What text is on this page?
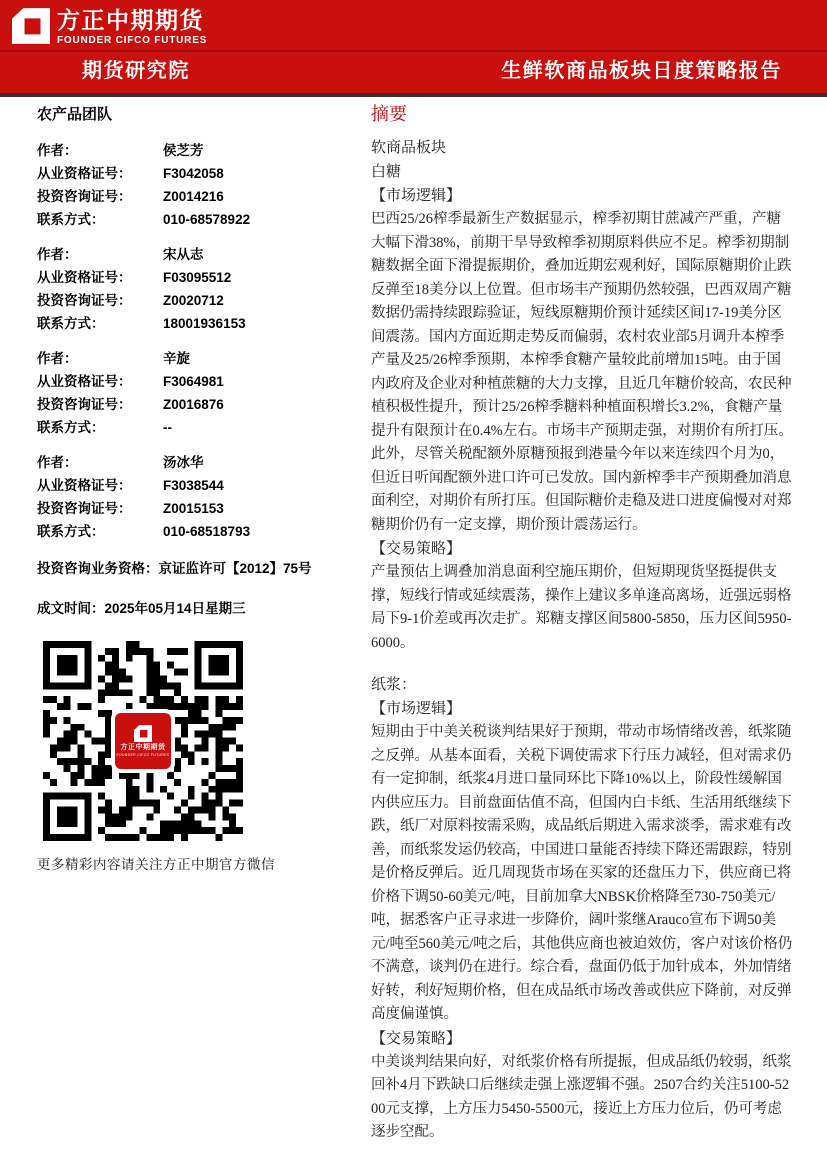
方正中期期货
FOUNDER CIFCO FUTURES
期货研究院	生鲜软商品板块日度策略报告
农产品团队
作者：	侯芝芳
从业资格证号： F3042058
投资咨询证号： Z0014216
联系方式：	010-68578922
作者：	宋从志
从业资格证号： F03095512
投资咨询证号： Z0020712
联系方式：	18001936153
作者：	辛旋
从业资格证号： F3064981
投资咨询证号： Z0016876
联系方式：	--
作者：	汤冰华
从业资格证号： F3038544
投资咨询证号： Z0015153
联系方式：	010-68518793
投资咨询业务资格：京证监许可【2012】75号
成文时间：2025年05月14日星期三
方正中期期货
FOUNDER CIFCO FUTURES
更多精彩内容请关注方正中期官方微信
摘要
软商品板块
白糖
【市场逻辑】

巴西25/26榨季最新生产数据显示，榨季初期甘蔗减产严重，产糖大幅下滑38%，前期干旱导致榨季初期原料供应不足。榨季初期制糖数据全面下滑提振期价，叠加近期宏观利好，国际原糖期价止跌反弹至18美分以上位置。但市场丰产预期仍然较强，巴西双周产糖数据仍需持续跟踪验证，短线原糖期价预计延续区间17-19美分区间震荡。国内方面近期走势反而偏弱，农村农业部5月调升本榨季产量及25/26榨季预期，本榨季食糖产量较此前增加15吨。由于国内政府及企业对种植蔗糖的大力支撑，且近几年糖价较高，农民种植积极性提升，预计25/26榨季糖料种植面积增长3.2%，食糖产量提升有限预计在0.4%左右。市场丰产预期走强，对期价有所打压。此外，尽管关税配额外原糖预报到港量今年以来连续四个月为0，但近日听闻配额外进口许可已发放。国内新榨季丰产预期叠加消息面利空，对期价有所打压。但国际糖价走稳及进口进度偏慢对对郑糖期价仍有一定支撑，期价预计震荡运行。

【交易策略】

产量预估上调叠加消息面利空施压期价，但短期现货坚挺提供支撑，短线行情或延续震荡，操作上建议多单逢高离场，近强远弱格局下9-1价差或再次走扩。郑糖支撑区间5800-5850，压力区间5950-6000。

纸浆：
【市场逻辑】

短期由于中美关税谈判结果好于预期，带动市场情绪改善，纸浆随之反弹。从基本面看，关税下调使需求下行压力减轻，但对需求仍有一定抑制，纸浆4月进口量同环比下降10%以上，阶段性缓解国内供应压力。目前盘面估值不高，但国内白卡纸、生活用纸继续下跌，纸厂对原料按需采购，成品纸后期进入需求淡季，需求难有改善，而纸浆发运仍较高，中国进口量能否持续下降还需跟踪，特别是价格反弹后。近几周现货市场在买家的还盘压力下，供应商已将价格下调50-60美元/吨，目前加拿大NBSK价格降至730-750美元/吨，据悉客户正寻求进一步降价，阔叶浆继Arauco宣布下调50美元/吨至560美元/吨之后，其他供应商也被迫效仿，客户对该价格仍不满意，谈判仍在进行。综合看，盘面仍低于加针成本，外加情绪好转，利好短期价格，但在成品纸市场改善或供应下降前，对反弹高度偏谨慎。

【交易策略】

中美谈判结果向好，对纸浆价格有所提振，但成品纸仍较弱，纸浆回补4月下跌缺口后继续走强上涨逻辑不强。2507合约关注5100-5200元支撑，上方压力5450-5500元，接近上方压力位后，仍可考虑逐步空配。
